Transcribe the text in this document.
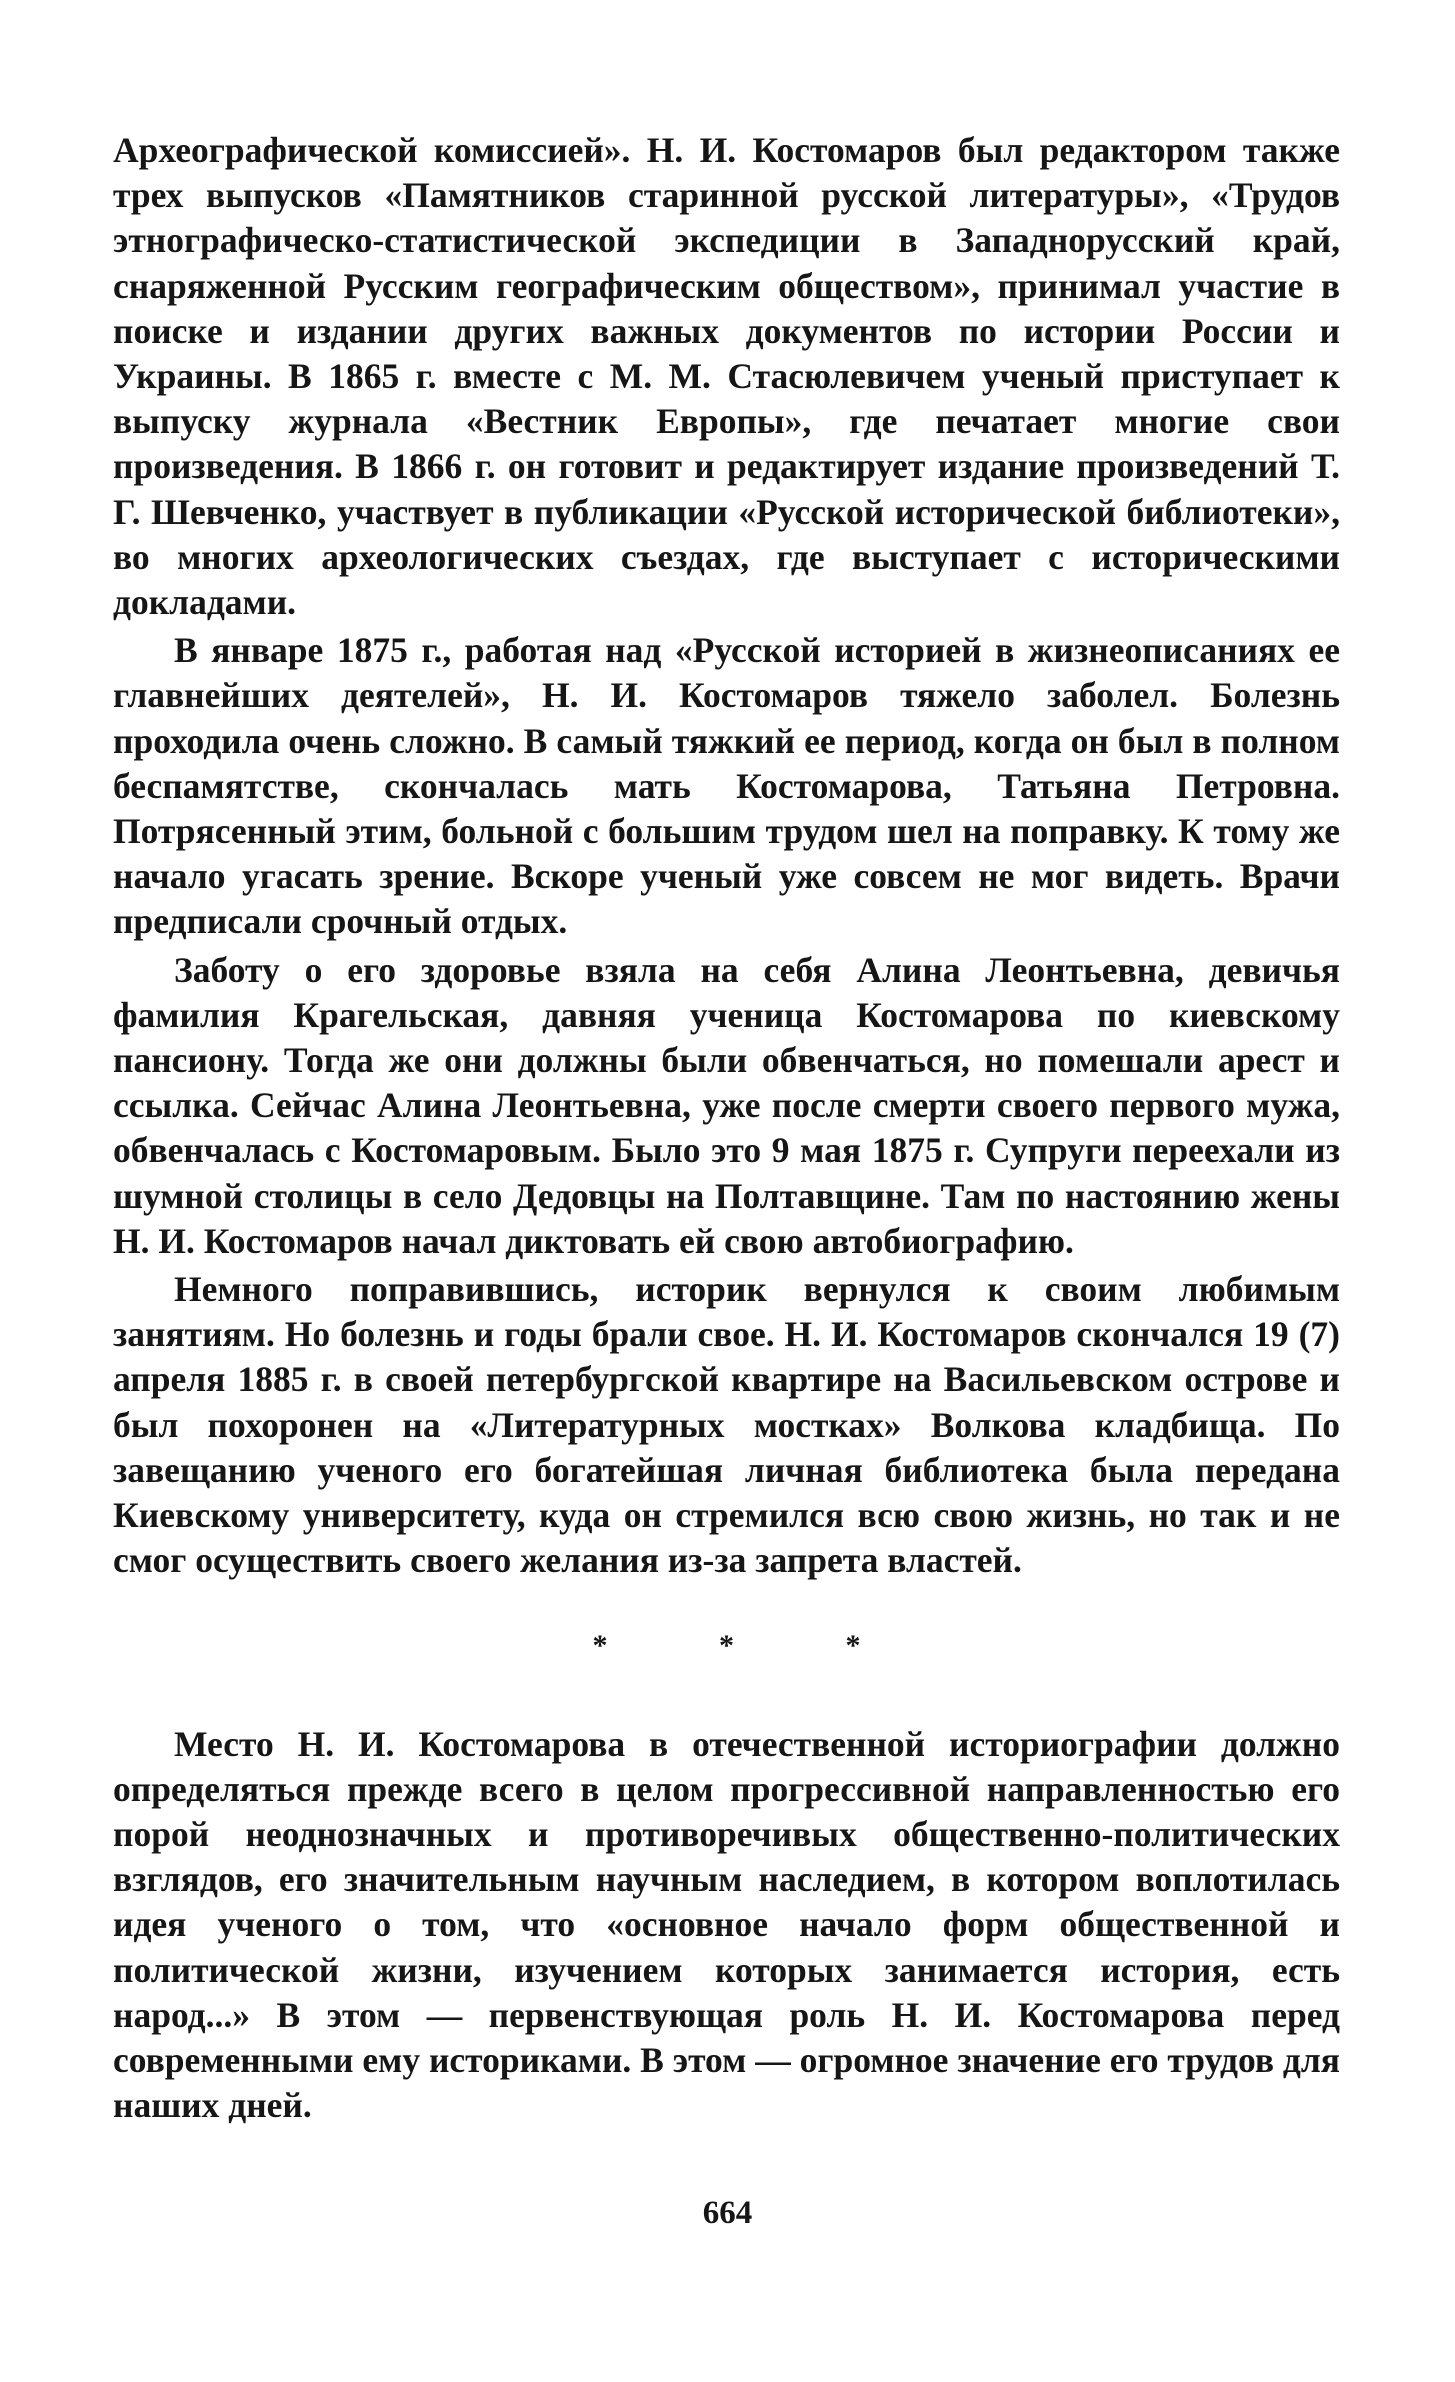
Археографической комиссией». Н. И. Костомаров был редактором также трех выпусков «Памятников старинной русской литературы», «Трудов этнографическо-статистической экспедиции в Западнорусский край, снаряженной Русским географическим обществом», принимал участие в поиске и издании других важных документов по истории России и Украины. В 1865 г. вместе с М. М. Стасюлевичем ученый приступает к выпуску журнала «Вестник Европы», где печатает многие свои произведения. В 1866 г. он готовит и редактирует издание произведений Т. Г. Шевченко, участвует в публикации «Русской исторической библиотеки», во многих археологических съездах, где выступает с историческими докладами.

В январе 1875 г., работая над «Русской историей в жизнеописаниях ее главнейших деятелей», Н. И. Костомаров тяжело заболел. Болезнь проходила очень сложно. В самый тяжкий ее период, когда он был в полном беспамятстве, скончалась мать Костомарова, Татьяна Петровна. Потрясенный этим, больной с большим трудом шел на поправку. К тому же начало угасать зрение. Вскоре ученый уже совсем не мог видеть. Врачи предписали срочный отдых.

Заботу о его здоровье взяла на себя Алина Леонтьевна, девичья фамилия Крагельская, давняя ученица Костомарова по киевскому пансиону. Тогда же они должны были обвенчаться, но помешали арест и ссылка. Сейчас Алина Леонтьевна, уже после смерти своего первого мужа, обвенчалась с Костомаровым. Было это 9 мая 1875 г. Супруги переехали из шумной столицы в село Дедовцы на Полтавщине. Там по настоянию жены Н. И. Костомаров начал диктовать ей свою автобиографию.

Немного поправившись, историк вернулся к своим любимым занятиям. Но болезнь и годы брали свое. Н. И. Костомаров скончался 19 (7) апреля 1885 г. в своей петербургской квартире на Васильевском острове и был похоронен на «Литературных мостках» Волкова кладбища. По завещанию ученого его богатейшая личная библиотека была передана Киевскому университету, куда он стремился всю свою жизнь, но так и не смог осуществить своего желания из-за запрета властей.

* * *

Место Н. И. Костомарова в отечественной историографии должно определяться прежде всего в целом прогрессивной направленностью его порой неоднозначных и противоречивых общественно-политических взглядов, его значительным научным наследием, в котором воплотилась идея ученого о том, что «основное начало форм общественной и политической жизни, изучением которых занимается история, есть народ...» В этом — первенствующая роль Н. И. Костомарова перед современными ему историками. В этом — огромное значение его трудов для наших дней.

664
